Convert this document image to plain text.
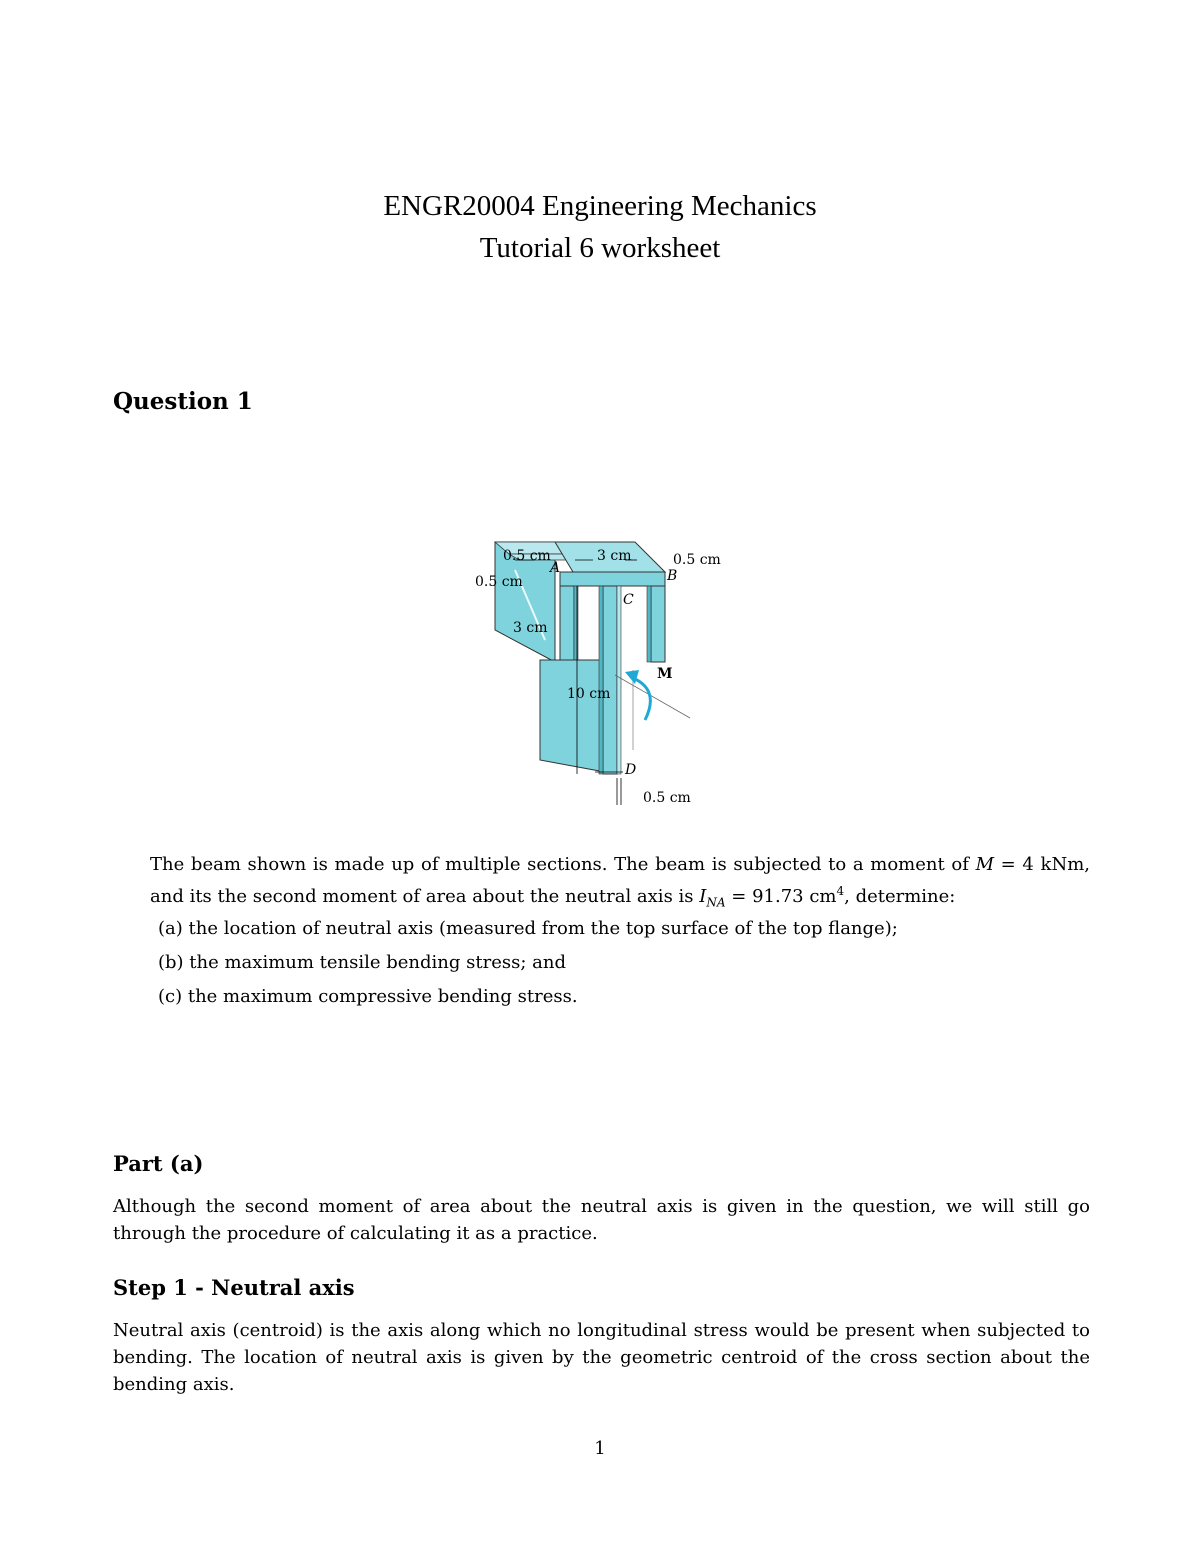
ENGR20004 Engineering Mechanics
Tutorial 6 worksheet
Question 1
0.5 cm	3 cm	0.5 cm
0.5 cm
3 cm
10 cm
0.5 cm
A	B
C
D
M
The beam shown is made up of multiple sections. The beam is subjected to a moment of M = 4 kNm, and its the second moment of area about the neutral axis is $I_{NA} = 91.73$ $cm^4$, determine:
(a) the location of neutral axis (measured from the top surface of the top flange);
(b) the maximum tensile bending stress; and
(c) the maximum compressive bending stress.
Part (a)
Although the second moment of area about the neutral axis is given in the question, we will still go through the procedure of calculating it as a practice.
Step 1 - Neutral axis
Neutral axis (centroid) is the axis along which no longitudinal stress would be present when subjected to bending. The location of neutral axis is given by the geometric centroid of the cross section about the bending axis.
1
